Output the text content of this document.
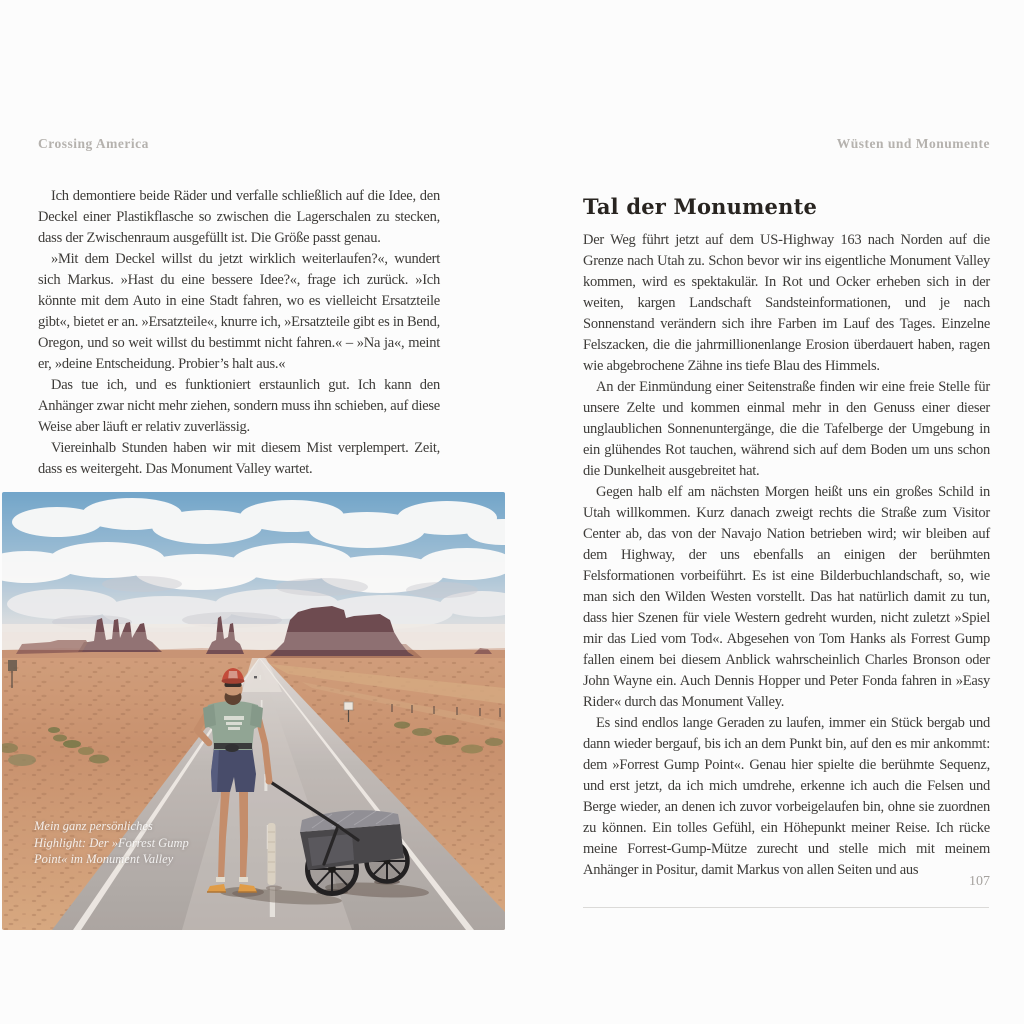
Crossing America

Ich demontiere beide Räder und verfalle schließlich auf die Idee, den Deckel einer Plastikflasche so zwischen die Lagerschalen zu stecken, dass der Zwischenraum ausgefüllt ist. Die Größe passt genau.

»Mit dem Deckel willst du jetzt wirklich weiterlaufen?«, wundert sich Markus. »Hast du eine bessere Idee?«, frage ich zurück. »Ich könnte mit dem Auto in eine Stadt fahren, wo es vielleicht Ersatzteile gibt«, bietet er an. »Ersatzteile«, knurre ich, »Ersatzteile gibt es in Bend, Oregon, und so weit willst du bestimmt nicht fahren.« – »Na ja«, meint er, »deine Entscheidung. Probier’s halt aus.«

Das tue ich, und es funktioniert erstaunlich gut. Ich kann den Anhänger zwar nicht mehr ziehen, sondern muss ihn schieben, auf diese Weise aber läuft er relativ zuverlässig.

Viereinhalb Stunden haben wir mit diesem Mist verplempert. Zeit, dass es weitergeht. Das Monument Valley wartet.

Mein ganz persönliches
Highlight: Der »Forrest Gump
Point« im Monument Valley
Wüsten und Monumente
Tal der Monumente

Der Weg führt jetzt auf dem US-Highway 163 nach Norden auf die Grenze nach Utah zu. Schon bevor wir ins eigentliche Monument Valley kommen, wird es spektakulär. In Rot und Ocker erheben sich in der weiten, kargen Landschaft Sandsteinformationen, und je nach Sonnenstand verändern sich ihre Farben im Lauf des Tages. Einzelne Felszacken, die die jahrmillionenlange Erosion überdauert haben, ragen wie abgebrochene Zähne ins tiefe Blau des Himmels.

An der Einmündung einer Seitenstraße finden wir eine freie Stelle für unsere Zelte und kommen einmal mehr in den Genuss einer dieser unglaublichen Sonnenuntergänge, die die Tafelberge der Umgebung in ein glühendes Rot tauchen, während sich auf dem Boden um uns schon die Dunkelheit ausgebreitet hat.

Gegen halb elf am nächsten Morgen heißt uns ein großes Schild in Utah willkommen. Kurz danach zweigt rechts die Straße zum Visitor Center ab, das von der Navajo Nation betrieben wird; wir bleiben auf dem Highway, der uns ebenfalls an einigen der berühmten Felsformationen vorbeiführt. Es ist eine Bilderbuchlandschaft, so, wie man sich den Wilden Westen vorstellt. Das hat natürlich damit zu tun, dass hier Szenen für viele Western gedreht wurden, nicht zuletzt »Spiel mir das Lied vom Tod«. Abgesehen von Tom Hanks als Forrest Gump fallen einem bei diesem Anblick wahrscheinlich Charles Bronson oder John Wayne ein. Auch Dennis Hopper und Peter Fonda fahren in »Easy Rider« durch das Monument Valley.

Es sind endlos lange Geraden zu laufen, immer ein Stück bergab und dann wieder bergauf, bis ich an dem Punkt bin, auf den es mir ankommt: dem »Forrest Gump Point«. Genau hier spielte die berühmte Sequenz, und erst jetzt, da ich mich umdrehe, erkenne ich auch die Felsen und Berge wieder, an denen ich zuvor vorbeigelaufen bin, ohne sie zuordnen zu können. Ein tolles Gefühl, ein Höhepunkt meiner Reise. Ich rücke meine Forrest-Gump-Mütze zurecht und stelle mich mit meinem Anhänger in Positur, damit Markus von allen Seiten und aus

107
